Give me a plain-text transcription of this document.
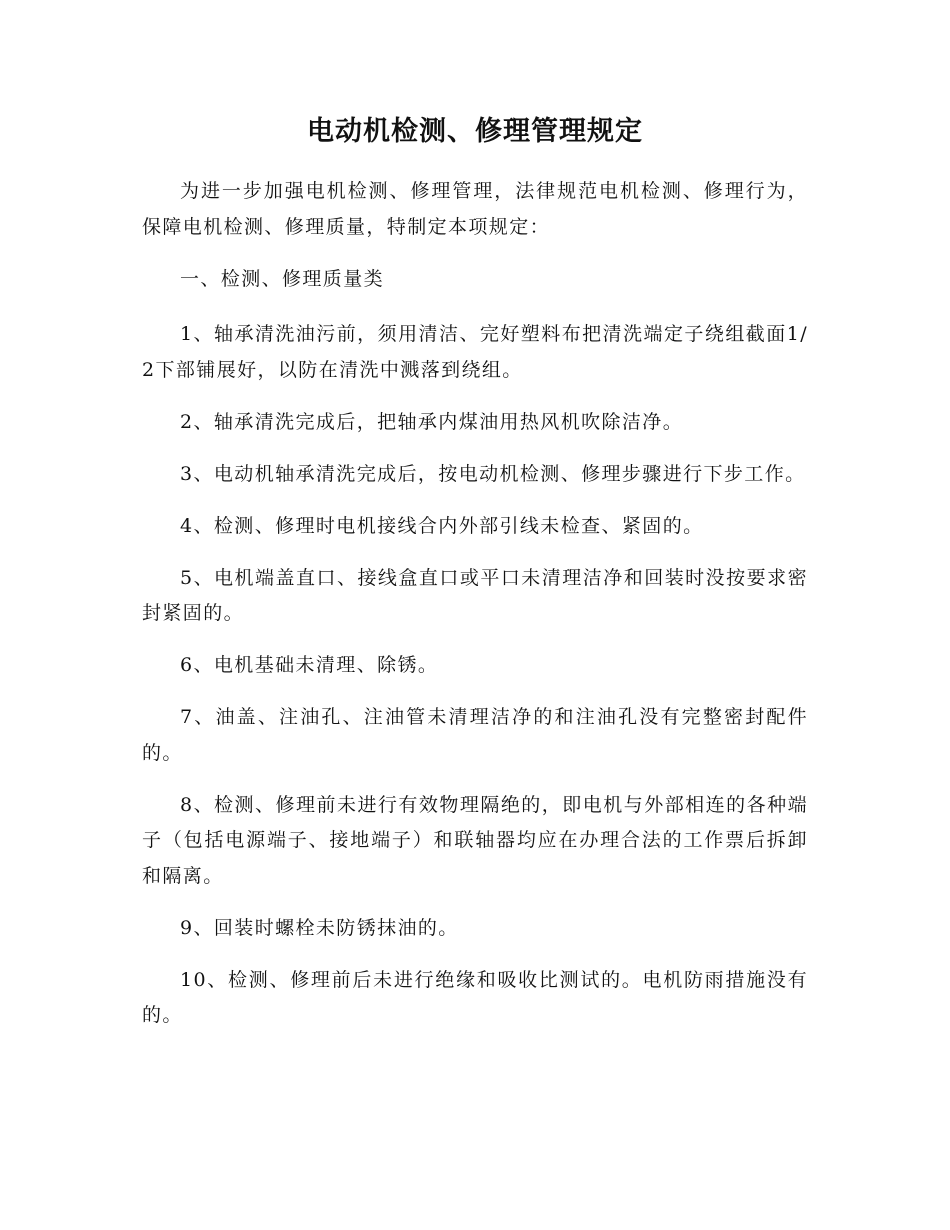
电动机检测、修理管理规定

为进一步加强电机检测、修理管理，法律规范电机检测、修理行为，保障电机检测、修理质量，特制定本项规定：

一、检测、修理质量类

1、轴承清洗油污前，须用清洁、完好塑料布把清洗端定子绕组截面1/2下部铺展好，以防在清洗中溅落到绕组。

2、轴承清洗完成后，把轴承内煤油用热风机吹除洁净。

3、电动机轴承清洗完成后，按电动机检测、修理步骤进行下步工作。

4、检测、修理时电机接线合内外部引线未检查、紧固的。

5、电机端盖直口、接线盒直口或平口未清理洁净和回装时没按要求密封紧固的。

6、电机基础未清理、除锈。

7、油盖、注油孔、注油管未清理洁净的和注油孔没有完整密封配件的。

8、检测、修理前未进行有效物理隔绝的，即电机与外部相连的各种端子（包括电源端子、接地端子）和联轴器均应在办理合法的工作票后拆卸和隔离。

9、回装时螺栓未防锈抹油的。

10、检测、修理前后未进行绝缘和吸收比测试的。电机防雨措施没有的。
